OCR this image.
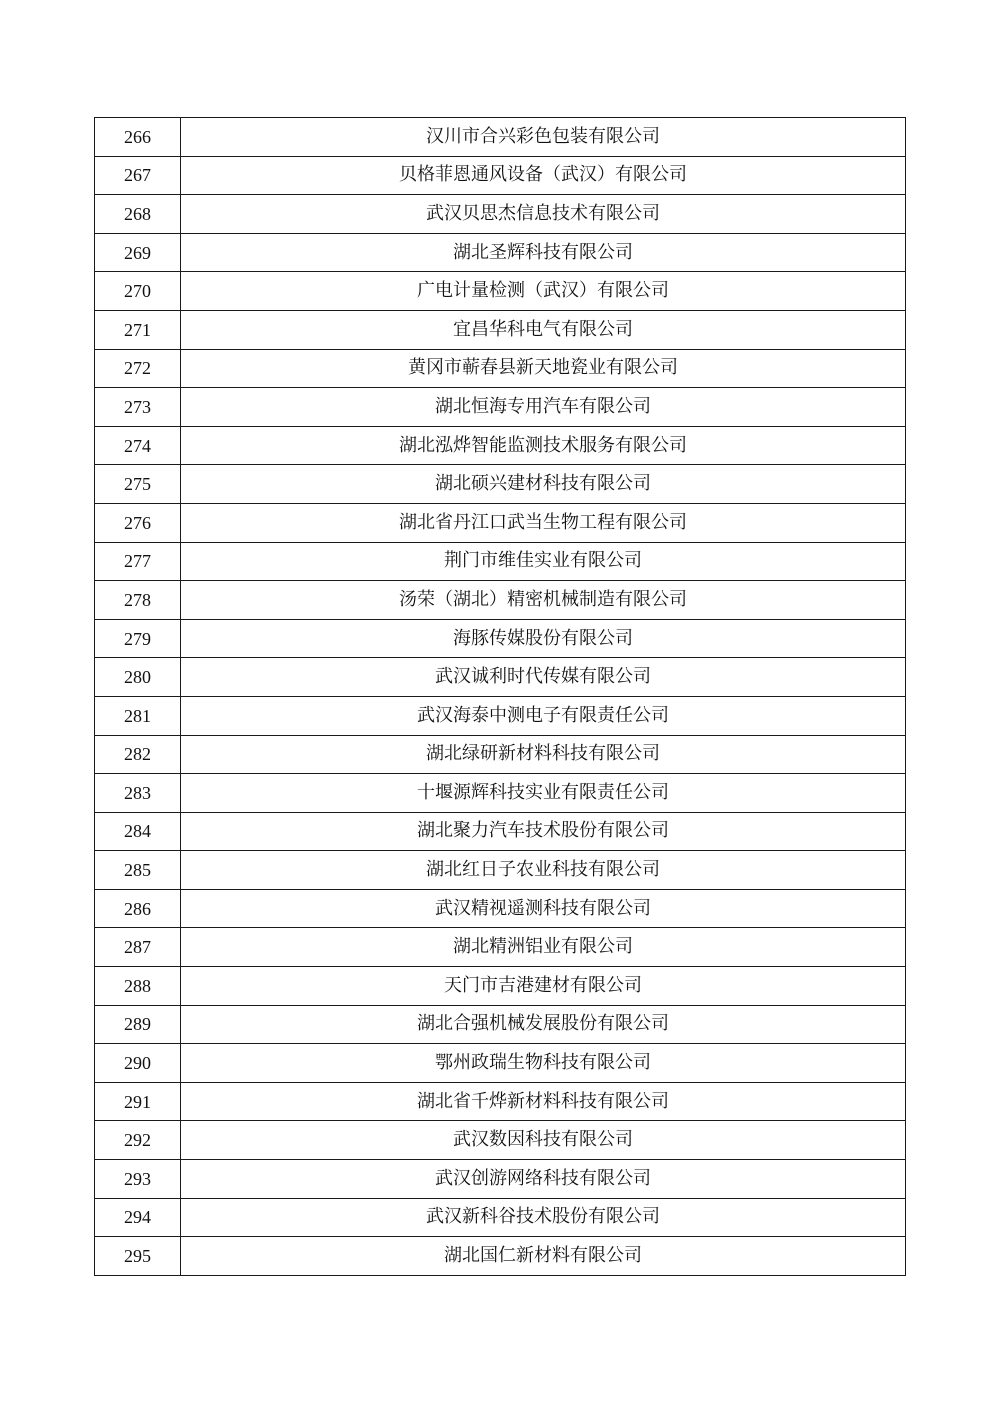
266	汉川市合兴彩色包装有限公司
267	贝格菲恩通风设备（武汉）有限公司
268	武汉贝思杰信息技术有限公司
269	湖北圣辉科技有限公司
270	广电计量检测（武汉）有限公司
271	宜昌华科电气有限公司
272	黄冈市蕲春县新天地瓷业有限公司
273	湖北恒海专用汽车有限公司
274	湖北泓烨智能监测技术服务有限公司
275	湖北硕兴建材科技有限公司
276	湖北省丹江口武当生物工程有限公司
277	荆门市维佳实业有限公司
278	汤荣（湖北）精密机械制造有限公司
279	海豚传媒股份有限公司
280	武汉诚利时代传媒有限公司
281	武汉海泰中测电子有限责任公司
282	湖北绿研新材料科技有限公司
283	十堰源辉科技实业有限责任公司
284	湖北聚力汽车技术股份有限公司
285	湖北红日子农业科技有限公司
286	武汉精视遥测科技有限公司
287	湖北精洲铝业有限公司
288	天门市吉港建材有限公司
289	湖北合强机械发展股份有限公司
290	鄂州政瑞生物科技有限公司
291	湖北省千烨新材料科技有限公司
292	武汉数因科技有限公司
293	武汉创游网络科技有限公司
294	武汉新科谷技术股份有限公司
295	湖北国仁新材料有限公司
